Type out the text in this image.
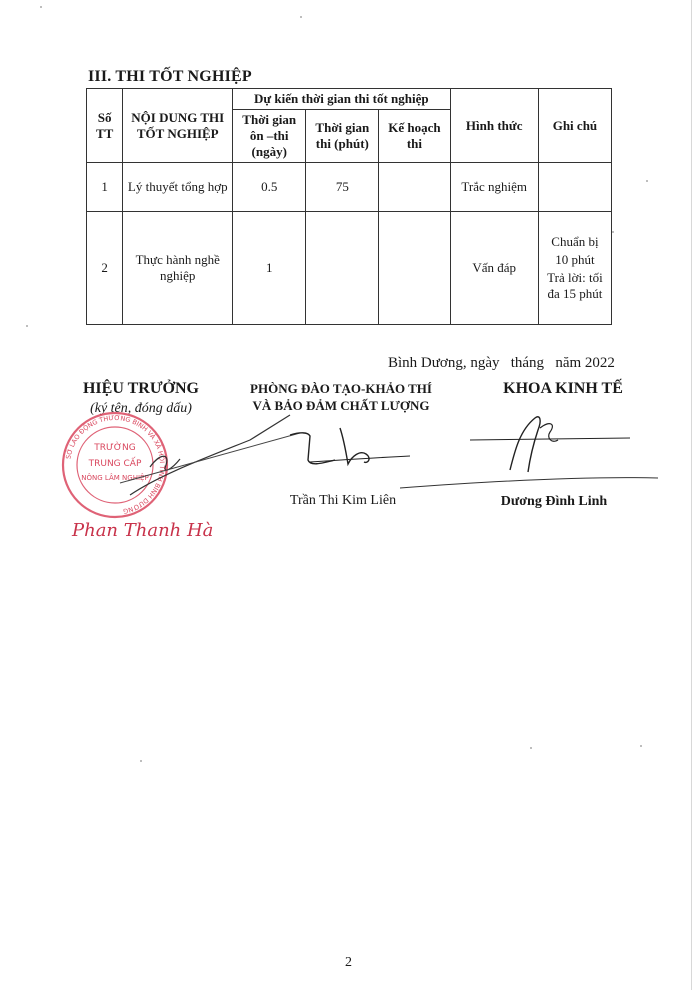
III. THI TỐT NGHIỆP
Số TT	NỘI DUNG THI TỐT NGHIỆP	Dự kiến thời gian thi tốt nghiệp			Hình thức	Ghi chú
		Thời gian ôn –thi (ngày)	Thời gian thi (phút)	Kế hoạch thi		
1	Lý thuyết tổng hợp	0.5	75		Trắc nghiệm	
2	Thực hành nghề nghiệp	1			Vấn đáp	Chuẩn bị
10 phút
Trả lời: tối đa 15 phút
Bình Dương, ngày tháng năm 2022
HIỆU TRƯỞNG
(ký tên, đóng dấu)
PHÒNG ĐÀO TẠO-KHẢO THÍ
VÀ BẢO ĐẢM CHẤT LƯỢNG
KHOA KINH TẾ
SỞ LAO ĐỘNG THƯƠNG BINH VÀ XÃ HỘI TỈNH BÌNH DƯƠNG
TRƯỜNG
TRUNG CẤP
NÔNG LÂM NGHIỆP
Phan Thanh Hà
Trần Thi Kim Liên	Dương Đình Linh
2
